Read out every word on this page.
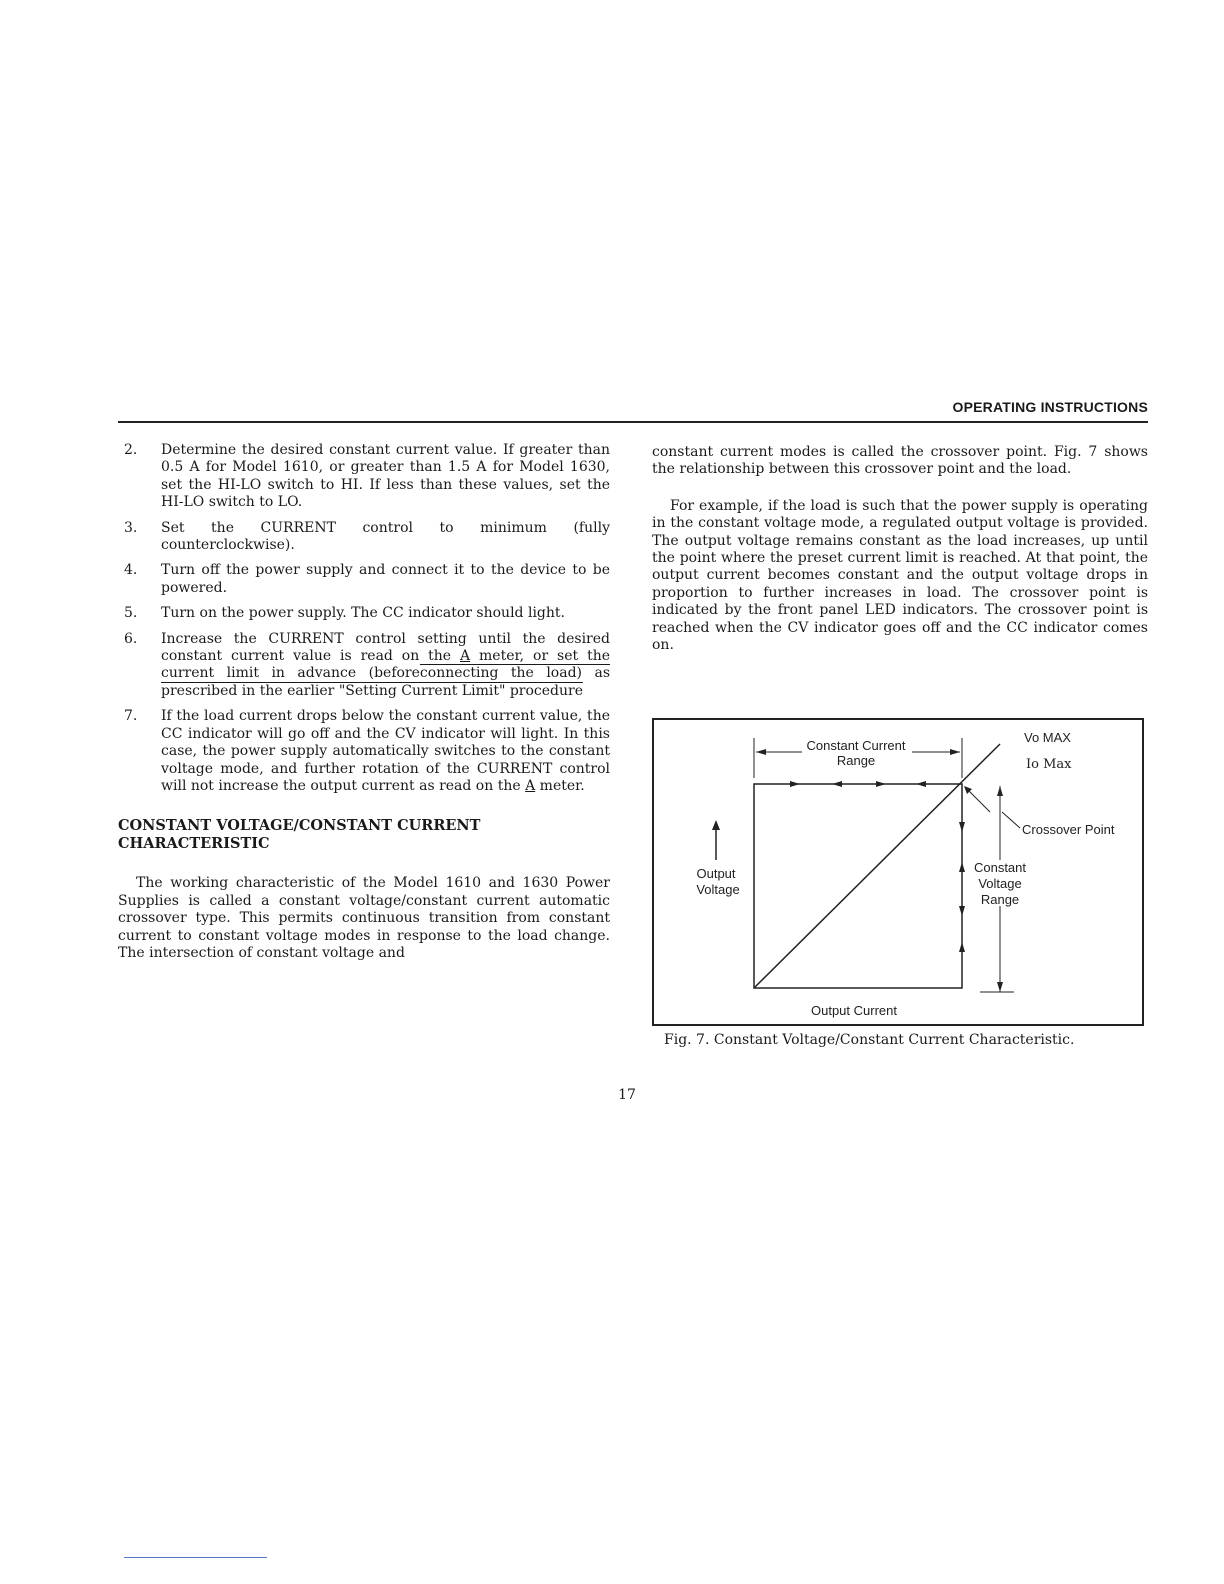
OPERATING INSTRUCTIONS
2. Determine the desired constant current value. If greater than 0.5 A for Model 1610, or greater than 1.5 A for Model 1630, set the HI-LO switch to HI. If less than these values, set the HI-LO switch to LO.
3. Set the CURRENT control to minimum (fully counterclockwise).
4. Turn off the power supply and connect it to the device to be powered.
5. Turn on the power supply. The CC indicator should light.
6. Increase the CURRENT control setting until the desired constant current value is read on the A meter, or set the current limit in advance (beforeconnecting the load) as prescribed in the earlier "Setting Current Limit" procedure
7. If the load current drops below the constant current value, the CC indicator will go off and the CV indicator will light. In this case, the power supply automatically switches to the constant voltage mode, and further rotation of the CURRENT control will not increase the output current as read on the A meter.
CONSTANT VOLTAGE/CONSTANT CURRENT CHARACTERISTIC

The working characteristic of the Model 1610 and 1630 Power Supplies is called a constant voltage/constant current automatic crossover type. This permits continuous transition from constant current to constant voltage modes in response to the load change. The intersection of constant voltage and

constant current modes is called the crossover point. Fig. 7 shows the relationship between this crossover point and the load.

For example, if the load is such that the power supply is operating in the constant voltage mode, a regulated output voltage is provided. The output voltage remains constant as the load increases, up until the point where the preset current limit is reached. At that point, the output current becomes constant and the output voltage drops in proportion to further increases in load. The crossover point is indicated by the front panel LED indicators. The crossover point is reached when the CV indicator goes off and the CC indicator comes on.

Constant Current
Range
Vo MAX
Io Max
Crossover Point
Output
Voltage
Constant
Voltage
Range
Output Current
Fig. 7. Constant Voltage/Constant Current Characteristic.
17
